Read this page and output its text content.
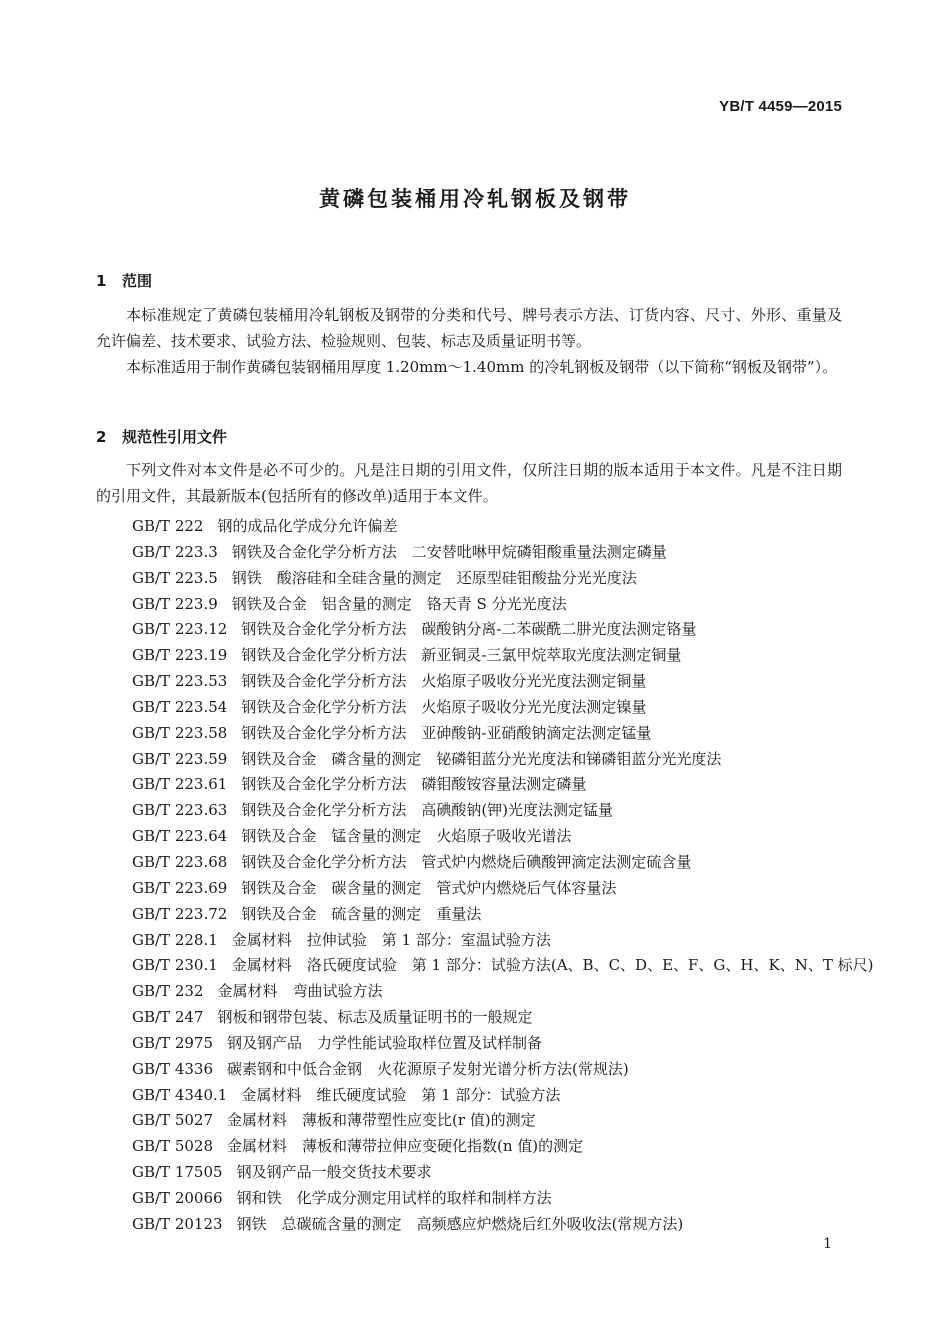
YB/T 4459—2015
黄磷包装桶用冷轧钢板及钢带
1 范围
本标准规定了黄磷包装桶用冷轧钢板及钢带的分类和代号、牌号表示方法、订货内容、尺寸、外形、重量及允许偏差、技术要求、试验方法、检验规则、包装、标志及质量证明书等。
本标准适用于制作黄磷包装钢桶用厚度 1.20mm～1.40mm 的冷轧钢板及钢带（以下简称“钢板及钢带”）。
2 规范性引用文件
下列文件对本文件是必不可少的。凡是注日期的引用文件，仅所注日期的版本适用于本文件。凡是不注日期的引用文件，其最新版本(包括所有的修改单)适用于本文件。
GB/T 222 钢的成品化学成分允许偏差
GB/T 223.3 钢铁及合金化学分析方法　二安替吡啉甲烷磷钼酸重量法测定磷量
GB/T 223.5 钢铁　酸溶硅和全硅含量的测定　还原型硅钼酸盐分光光度法
GB/T 223.9 钢铁及合金　铝含量的测定　铬天青 S 分光光度法
GB/T 223.12 钢铁及合金化学分析方法　碳酸钠分离-二苯碳酰二肼光度法测定铬量
GB/T 223.19 钢铁及合金化学分析方法　新亚铜灵-三氯甲烷萃取光度法测定铜量
GB/T 223.53 钢铁及合金化学分析方法　火焰原子吸收分光光度法测定铜量
GB/T 223.54 钢铁及合金化学分析方法　火焰原子吸收分光光度法测定镍量
GB/T 223.58 钢铁及合金化学分析方法　亚砷酸钠-亚硝酸钠滴定法测定锰量
GB/T 223.59 钢铁及合金　磷含量的测定　铋磷钼蓝分光光度法和锑磷钼蓝分光光度法
GB/T 223.61 钢铁及合金化学分析方法　磷钼酸铵容量法测定磷量
GB/T 223.63 钢铁及合金化学分析方法　高碘酸钠(钾)光度法测定锰量
GB/T 223.64 钢铁及合金　锰含量的测定　火焰原子吸收光谱法
GB/T 223.68 钢铁及合金化学分析方法　管式炉内燃烧后碘酸钾滴定法测定硫含量
GB/T 223.69 钢铁及合金　碳含量的测定　管式炉内燃烧后气体容量法
GB/T 223.72 钢铁及合金　硫含量的测定　重量法
GB/T 228.1 金属材料　拉伸试验　第 1 部分：室温试验方法
GB/T 230.1 金属材料　洛氏硬度试验　第 1 部分：试验方法(A、B、C、D、E、F、G、H、K、N、T 标尺)
GB/T 232 金属材料　弯曲试验方法
GB/T 247 钢板和钢带包装、标志及质量证明书的一般规定
GB/T 2975 钢及钢产品　力学性能试验取样位置及试样制备
GB/T 4336 碳素钢和中低合金钢　火花源原子发射光谱分析方法(常规法)
GB/T 4340.1 金属材料　维氏硬度试验　第 1 部分：试验方法
GB/T 5027 金属材料　薄板和薄带塑性应变比(r 值)的测定
GB/T 5028 金属材料　薄板和薄带拉伸应变硬化指数(n 值)的测定
GB/T 17505 钢及钢产品一般交货技术要求
GB/T 20066 钢和铁　化学成分测定用试样的取样和制样方法
GB/T 20123 钢铁　总碳硫含量的测定　高频感应炉燃烧后红外吸收法(常规方法)
1
